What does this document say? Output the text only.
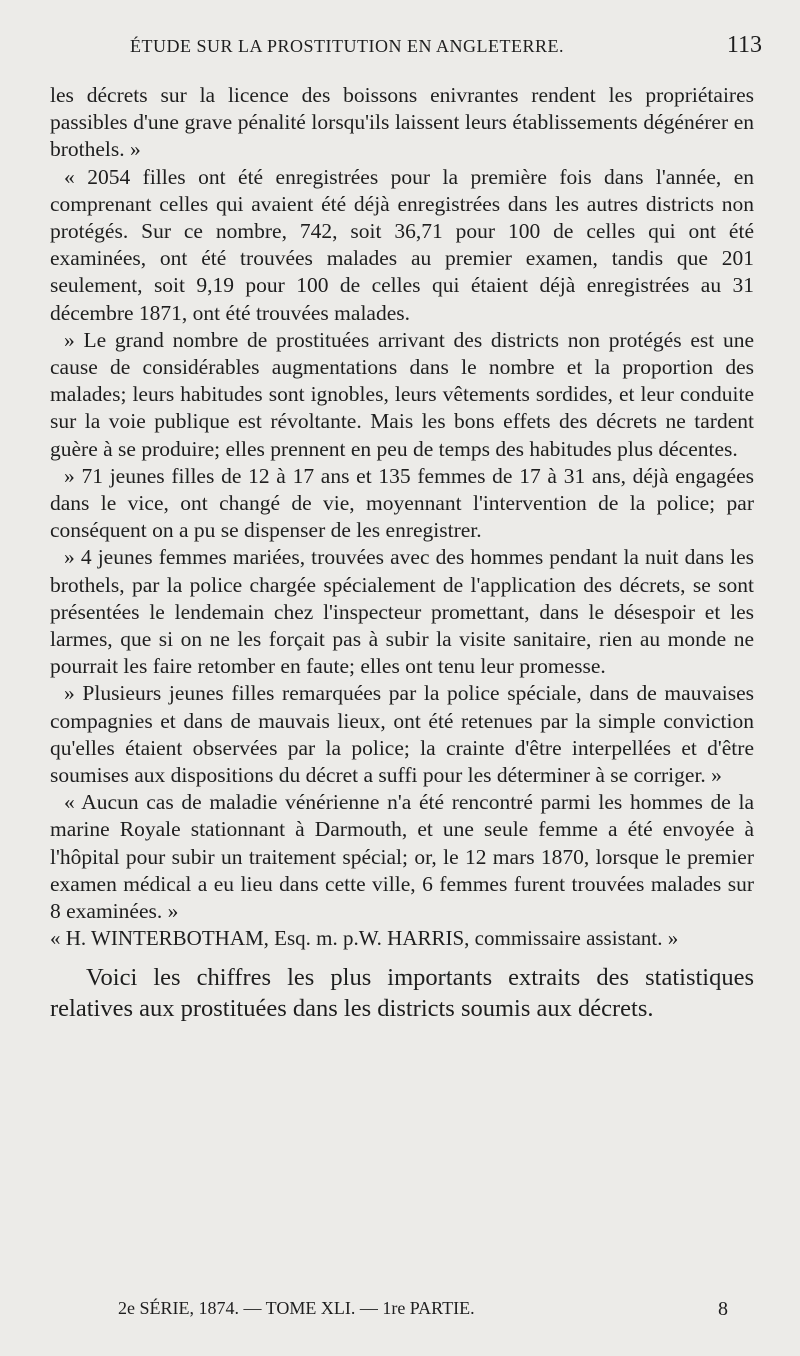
ÉTUDE SUR LA PROSTITUTION EN ANGLETERRE.	113

les décrets sur la licence des boissons enivrantes rendent les propriétaires passibles d'une grave pénalité lorsqu'ils laissent leurs établissements dégénérer en brothels. »

« 2054 filles ont été enregistrées pour la première fois dans l'année, en comprenant celles qui avaient été déjà enregistrées dans les autres districts non protégés. Sur ce nombre, 742, soit 36,71 pour 100 de celles qui ont été examinées, ont été trouvées malades au premier examen, tandis que 201 seulement, soit 9,19 pour 100 de celles qui étaient déjà enregistrées au 31 décembre 1871, ont été trouvées malades.

» Le grand nombre de prostituées arrivant des districts non protégés est une cause de considérables augmentations dans le nombre et la proportion des malades; leurs habitudes sont ignobles, leurs vêtements sordides, et leur conduite sur la voie publique est révoltante. Mais les bons effets des décrets ne tardent guère à se produire; elles prennent en peu de temps des habitudes plus décentes.

» 71 jeunes filles de 12 à 17 ans et 135 femmes de 17 à 31 ans, déjà engagées dans le vice, ont changé de vie, moyennant l'intervention de la police; par conséquent on a pu se dispenser de les enregistrer.

» 4 jeunes femmes mariées, trouvées avec des hommes pendant la nuit dans les brothels, par la police chargée spécialement de l'application des décrets, se sont présentées le lendemain chez l'inspecteur promettant, dans le désespoir et les larmes, que si on ne les forçait pas à subir la visite sanitaire, rien au monde ne pourrait les faire retomber en faute; elles ont tenu leur promesse.

» Plusieurs jeunes filles remarquées par la police spéciale, dans de mauvaises compagnies et dans de mauvais lieux, ont été retenues par la simple conviction qu'elles étaient observées par la police; la crainte d'être interpellées et d'être soumises aux dispositions du décret a suffi pour les déterminer à se corriger. »

« Aucun cas de maladie vénérienne n'a été rencontré parmi les hommes de la marine Royale stationnant à Darmouth, et une seule femme a été envoyée à l'hôpital pour subir un traitement spécial; or, le 12 mars 1870, lorsque le premier examen médical a eu lieu dans cette ville, 6 femmes furent trouvées malades sur 8 examinées. »

« H. WINTERBOTHAM, Esq. m. p.W. HARRIS, commissaire assistant. »

Voici les chiffres les plus importants extraits des statistiques relatives aux prostituées dans les districts soumis aux décrets.

2e SÉRIE, 1874. — TOME XLI. — 1re PARTIE.	8
